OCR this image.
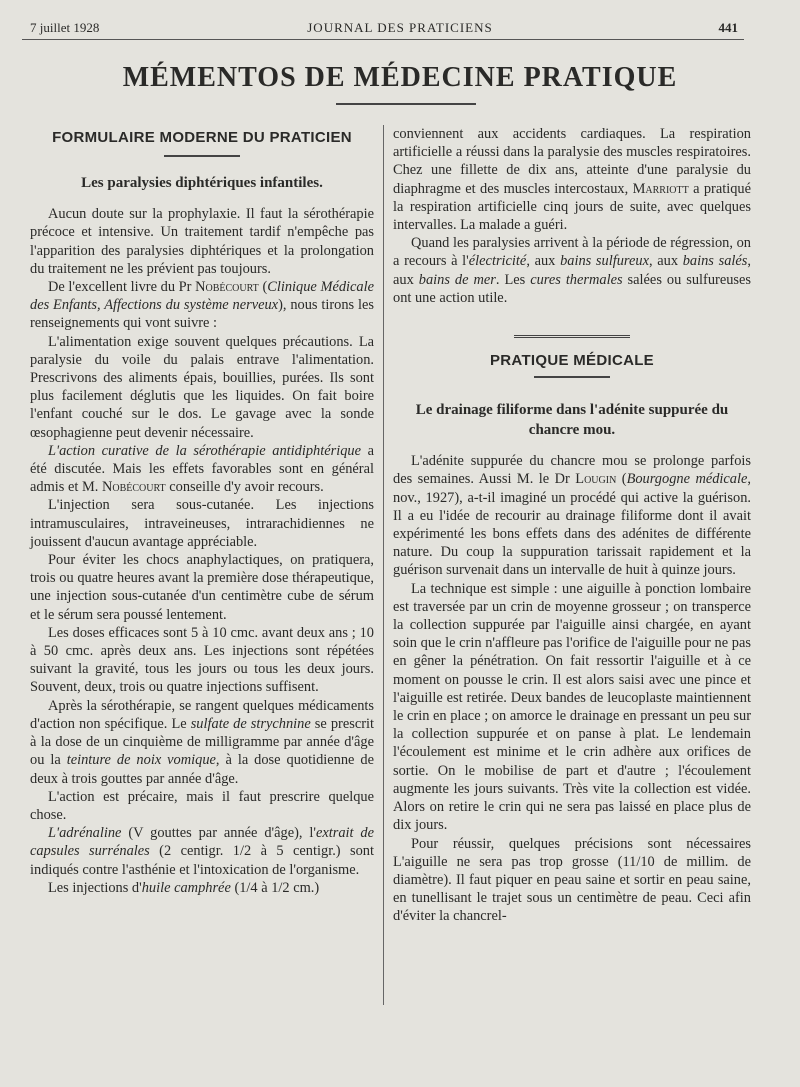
7 juillet 1928	JOURNAL DES PRATICIENS	441
MÉMENTOS DE MÉDECINE PRATIQUE
FORMULAIRE MODERNE DU PRATICIEN
Les paralysies diphtériques infantiles.

Aucun doute sur la prophylaxie. Il faut la sérothérapie précoce et intensive. Un traitement tardif n'empêche pas l'apparition des paralysies diphtériques et la prolongation du traitement ne les prévient pas toujours.

De l'excellent livre du Pr Nobécourt (Clinique Médicale des Enfants, Affections du système nerveux), nous tirons les renseignements qui vont suivre :

L'alimentation exige souvent quelques précautions. La paralysie du voile du palais entrave l'alimentation. Prescrivons des aliments épais, bouillies, purées. Ils sont plus facilement déglutis que les liquides. On fait boire l'enfant couché sur le dos. Le gavage avec la sonde œsophagienne peut devenir nécessaire.

L'action curative de la sérothérapie antidiphtérique a été discutée. Mais les effets favorables sont en général admis et M. Nobécourt conseille d'y avoir recours.

L'injection sera sous-cutanée. Les injections intramusculaires, intraveineuses, intrarachidiennes ne jouissent d'aucun avantage appréciable.

Pour éviter les chocs anaphylactiques, on pratiquera, trois ou quatre heures avant la première dose thérapeutique, une injection sous-cutanée d'un centimètre cube de sérum et le sérum sera poussé lentement.

Les doses efficaces sont 5 à 10 cmc. avant deux ans ; 10 à 50 cmc. après deux ans. Les injections sont répétées suivant la gravité, tous les jours ou tous les deux jours. Souvent, deux, trois ou quatre injections suffisent.

Après la sérothérapie, se rangent quelques médicaments d'action non spécifique. Le sulfate de strychnine se prescrit à la dose de un cinquième de milligramme par année d'âge ou la teinture de noix vomique, à la dose quotidienne de deux à trois gouttes par année d'âge.

L'action est précaire, mais il faut prescrire quelque chose.

L'adrénaline (V gouttes par année d'âge), l'extrait de capsules surrénales (2 centigr. 1/2 à 5 centigr.) sont indiqués contre l'asthénie et l'intoxication de l'organisme.

Les injections d'huile camphrée (1/4 à 1/2 cm.)

conviennent aux accidents cardiaques. La respiration artificielle a réussi dans la paralysie des muscles respiratoires. Chez une fillette de dix ans, atteinte d'une paralysie du diaphragme et des muscles intercostaux, Marriott a pratiqué la respiration artificielle cinq jours de suite, avec quelques intervalles. La malade a guéri.

Quand les paralysies arrivent à la période de régression, on a recours à l'électricité, aux bains sulfureux, aux bains salés, aux bains de mer. Les cures thermales salées ou sulfureuses ont une action utile.

PRATIQUE MÉDICALE
Le drainage filiforme dans l'adénite suppurée du chancre mou.

L'adénite suppurée du chancre mou se prolonge parfois des semaines. Aussi M. le Dr Lougin (Bourgogne médicale, nov., 1927), a-t-il imaginé un procédé qui active la guérison. Il a eu l'idée de recourir au drainage filiforme dont il avait expérimenté les bons effets dans des adénites de différente nature. Du coup la suppuration tarissait rapidement et la guérison survenait dans un intervalle de huit à quinze jours.

La technique est simple : une aiguille à ponction lombaire est traversée par un crin de moyenne grosseur ; on transperce la collection suppurée par l'aiguille ainsi chargée, en ayant soin que le crin n'affleure pas l'orifice de l'aiguille pour ne pas en gêner la pénétration. On fait ressortir l'aiguille et à ce moment on pousse le crin. Il est alors saisi avec une pince et l'aiguille est retirée. Deux bandes de leucoplaste maintiennent le crin en place ; on amorce le drainage en pressant un peu sur la collection suppurée et on panse à plat. Le lendemain l'écoulement est minime et le crin adhère aux orifices de sortie. On le mobilise de part et d'autre ; l'écoulement augmente les jours suivants. Très vite la collection est vidée. Alors on retire le crin qui ne sera pas laissé en place plus de dix jours.

Pour réussir, quelques précisions sont nécessaires L'aiguille ne sera pas trop grosse (11/10 de millim. de diamètre). Il faut piquer en peau saine et sortir en peau saine, en tunellisant le trajet sous un centimètre de peau. Ceci afin d'éviter la chancrel-
